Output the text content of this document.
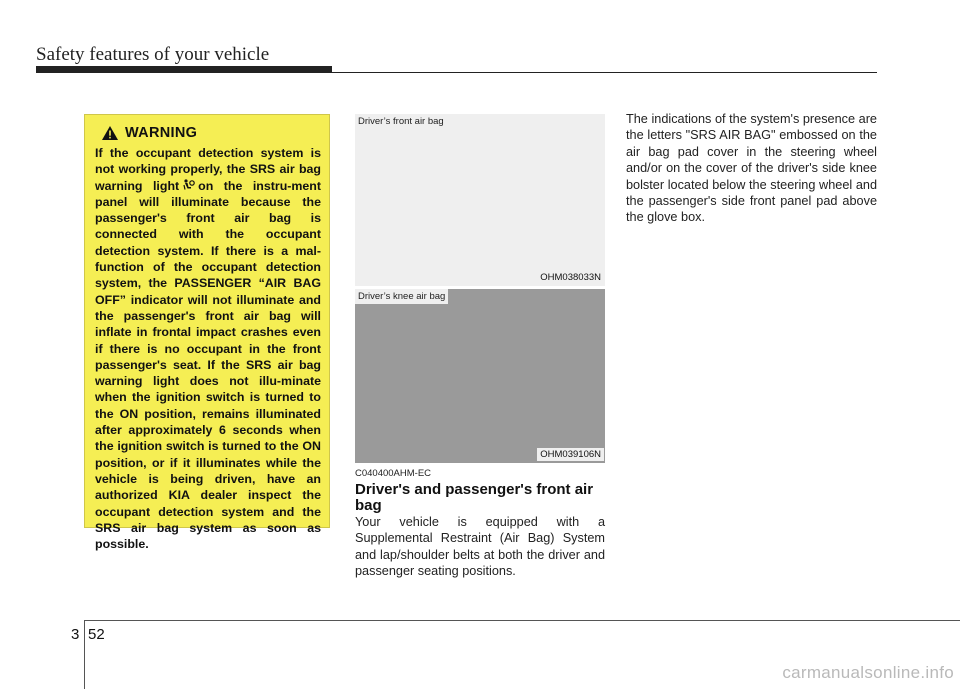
Safety features of your vehicle
WARNING

If the occupant detection system is not working properly, the SRS air bag warning light on the instru-ment panel will illuminate because the passenger's front air bag is connected with the occupant detection system. If there is a mal-function of the occupant detection system, the PASSENGER “AIR BAG OFF” indicator will not illuminate and the passenger's front air bag will inflate in frontal impact crashes even if there is no occupant in the front passenger's seat. If the SRS air bag warning light does not illu-minate when the ignition switch is turned to the ON position, remains illuminated after approximately 6 seconds when the ignition switch is turned to the ON position, or if it illuminates while the vehicle is being driven, have an authorized KIA dealer inspect the occupant detection system and the SRS air bag system as soon as possible.

Driver’s front air bag
OHM038033N
Driver’s knee air bag
OHM039106N
C040400AHM-EC
Driver's and passenger's front air bag

Your vehicle is equipped with a Supplemental Restraint (Air Bag) System and lap/shoulder belts at both the driver and passenger seating positions.

The indications of the system's presence are the letters "SRS AIR BAG" embossed on the air bag pad cover in the steering wheel and/or on the cover of the driver's side knee bolster located below the steering wheel and the passenger's side front panel pad above the glove box.

3 52
carmanualsonline.info
